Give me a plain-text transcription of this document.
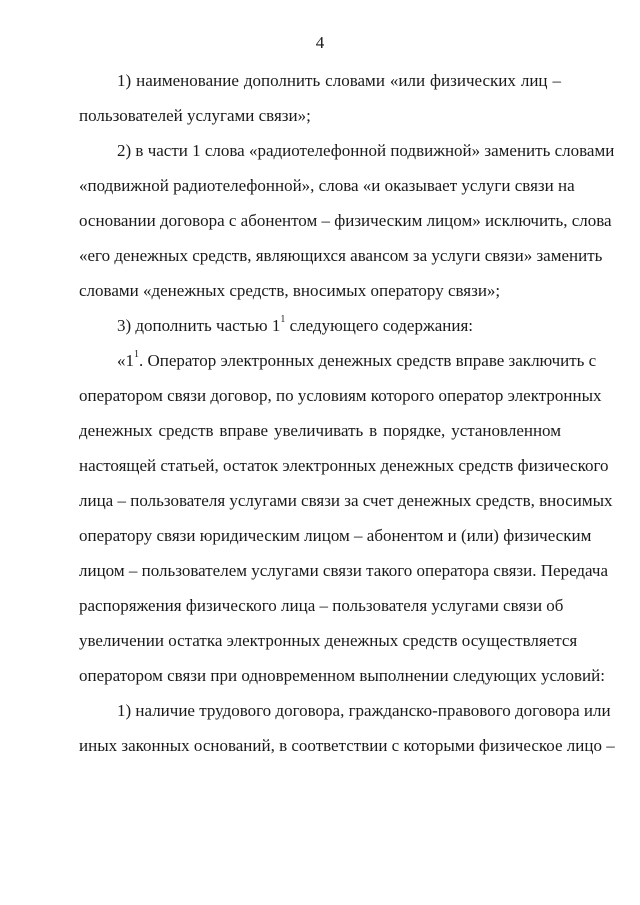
4
1) наименование дополнить словами «или физических лиц –
пользователей услугами связи»;
2) в части 1 слова «радиотелефонной подвижной» заменить словами
«подвижной радиотелефонной», слова «и оказывает услуги связи на
основании договора с абонентом – физическим лицом» исключить, слова
«его денежных средств, являющихся авансом за услуги связи» заменить
словами «денежных средств, вносимых оператору связи»;
3) дополнить частью $1^1$ следующего содержания:
«$1^1$. Оператор электронных денежных средств вправе заключить с
оператором связи договор, по условиям которого оператор электронных
денежных средств вправе увеличивать в порядке, установленном
настоящей статьей, остаток электронных денежных средств физического
лица – пользователя услугами связи за счет денежных средств, вносимых
оператору связи юридическим лицом – абонентом и (или) физическим
лицом – пользователем услугами связи такого оператора связи. Передача
распоряжения физического лица – пользователя услугами связи об
увеличении остатка электронных денежных средств осуществляется
оператором связи при одновременном выполнении следующих условий:
1) наличие трудового договора, гражданско-правового договора или
иных законных оснований, в соответствии с которыми физическое лицо –
